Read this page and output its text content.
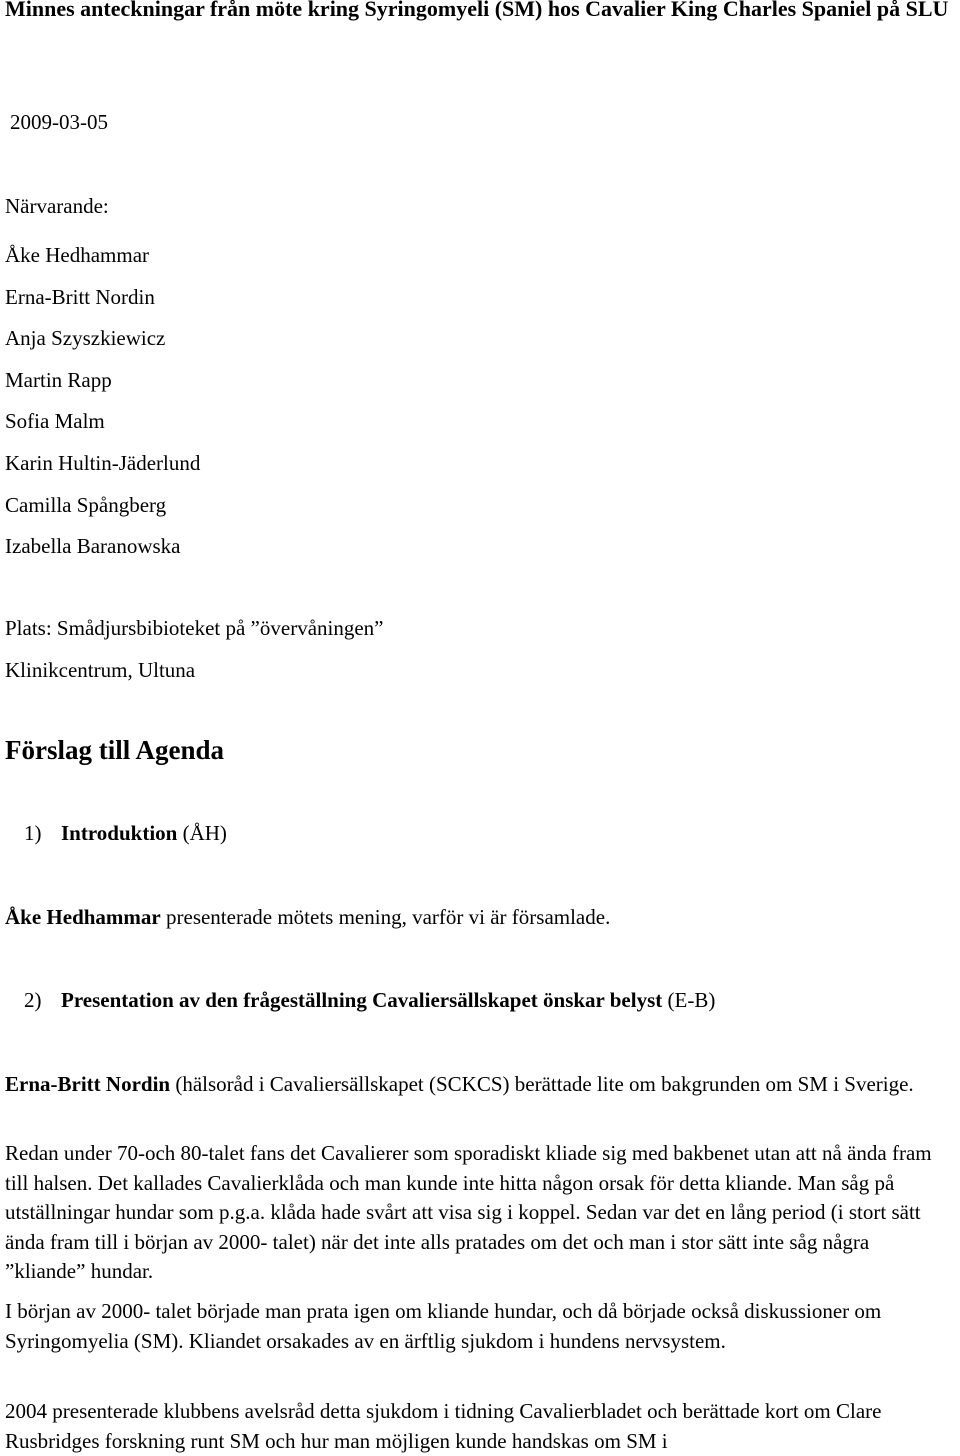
Minnes anteckningar från möte kring Syringomyeli (SM) hos Cavalier King Charles Spaniel på SLU

2009-03-05

Närvarande:

Åke Hedhammar
Erna-Britt Nordin
Anja Szyszkiewicz
Martin Rapp
Sofia Malm
Karin Hultin-Jäderlund
Camilla Spångberg
Izabella Baranowska
Plats: Smådjursbibioteket på ”övervåningen”
Klinikcentrum, Ultuna
Förslag till Agenda

1) Introduktion (ÅH)

Åke Hedhammar presenterade mötets mening, varför vi är församlade.

2) Presentation av den frågeställning Cavaliersällskapet önskar belyst (E-B)

Erna-Britt Nordin (hälsoråd i Cavaliersällskapet (SCKCS) berättade lite om bakgrunden om SM i Sverige.

Redan under 70-och 80-talet fans det Cavalierer som sporadiskt kliade sig med bakbenet utan att nå ända fram till halsen. Det kallades Cavalierklåda och man kunde inte hitta någon orsak för detta kliande. Man såg på utställningar hundar som p.g.a. klåda hade svårt att visa sig i koppel. Sedan var det en lång period (i stort sätt ända fram till i början av 2000- talet) när det inte alls pratades om det och man i stor sätt inte såg några ”kliande” hundar.

I början av 2000- talet började man prata igen om kliande hundar, och då började också diskussioner om Syringomyelia (SM). Kliandet orsakades av en ärftlig sjukdom i hundens nervsystem.

2004 presenterade klubbens avelsråd detta sjukdom i tidning Cavalierbladet och berättade kort om Clare Rusbridges forskning runt SM och hur man möjligen kunde handskas om SM i
